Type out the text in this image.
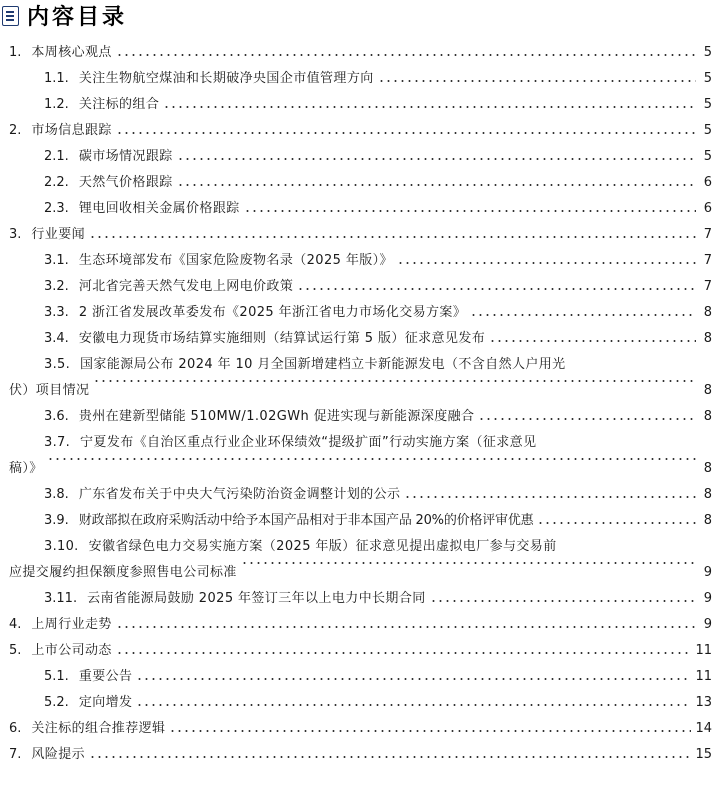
内容目录
1. 本周核心观点	5
1.1. 关注生物航空煤油和长期破净央国企市值管理方向	5
1.2. 关注标的组合	5
2. 市场信息跟踪	5
2.1. 碳市场情况跟踪	5
2.2. 天然气价格跟踪	6
2.3. 锂电回收相关金属价格跟踪	6
3. 行业要闻	7
3.1. 生态环境部发布《国家危险废物名录（2025 年版）》	7
3.2. 河北省完善天然气发电上网电价政策	7
3.3. 2 浙江省发展改革委发布《2025 年浙江省电力市场化交易方案》	8
3.4. 安徽电力现货市场结算实施细则（结算试运行第 5 版）征求意见发布	8
3.5. 国家能源局公布 2024 年 10 月全国新增建档立卡新能源发电（不含自然人户用光
伏）项目情况	8
3.6. 贵州在建新型储能 510MW/1.02GWh 促进实现与新能源深度融合	8
3.7. 宁夏发布《自治区重点行业企业环保绩效“提级扩面”行动实施方案（征求意见
稿）》	8
3.8. 广东省发布关于中央大气污染防治资金调整计划的公示	8
3.9. 财政部拟在政府采购活动中给予本国产品相对于非本国产品 20%的价格评审优惠	8
3.10. 安徽省绿色电力交易实施方案（2025 年版）征求意见提出虚拟电厂参与交易前
应提交履约担保额度参照售电公司标准	9
3.11. 云南省能源局鼓励 2025 年签订三年以上电力中长期合同	9
4. 上周行业走势	9
5. 上市公司动态	11
5.1. 重要公告	11
5.2. 定向增发	13
6. 关注标的组合推荐逻辑	14
7. 风险提示	15
